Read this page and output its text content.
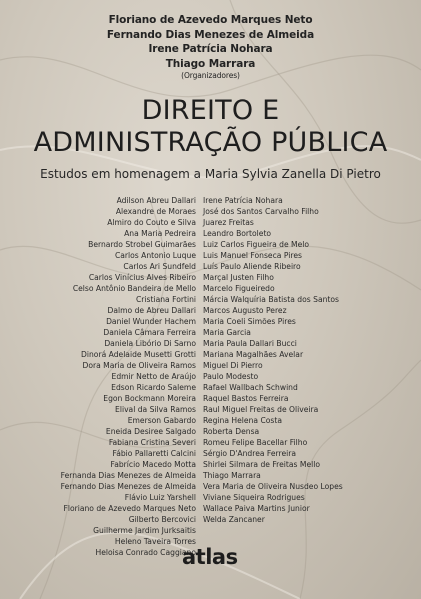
Floriano de Azevedo Marques Neto
Fernando Dias Menezes de Almeida
Irene Patrícia Nohara
Thiago Marrara
(Organizadores)
DIREITO E
ADMINISTRAÇÃO PÚBLICA
Estudos em homenagem a Maria Sylvia Zanella Di Pietro
Adilson Abreu Dallari
Alexandre de Moraes
Almiro do Couto e Silva
Ana Maria Pedreira
Bernardo Strobel Guimarães
Carlos Antonio Luque
Carlos Ari Sundfeld
Carlos Vinícius Alves Ribeiro
Celso Antônio Bandeira de Mello
Cristiana Fortini
Dalmo de Abreu Dallari
Daniel Wunder Hachem
Daniela Câmara Ferreira
Daniela Libório Di Sarno
Dinorá Adelaide Musetti Grotti
Dora Maria de Oliveira Ramos
Edmir Netto de Araújo
Edson Ricardo Saleme
Egon Bockmann Moreira
Elival da Silva Ramos
Emerson Gabardo
Eneida Desiree Salgado
Fabiana Cristina Severi
Fábio Pallaretti Calcini
Fabrício Macedo Motta
Fernanda Dias Menezes de Almeida
Fernando Dias Menezes de Almeida
Flávio Luiz Yarshell
Floriano de Azevedo Marques Neto
Gilberto Bercovici
Guilherme Jardim Jurksaitis
Heleno Taveira Torres
Heloisa Conrado Caggiano
Irene Patrícia Nohara
José dos Santos Carvalho Filho
Juarez Freitas
Leandro Bortoleto
Luiz Carlos Figueira de Melo
Luis Manuel Fonseca Pires
Luís Paulo Aliende Ribeiro
Marçal Justen Filho
Marcelo Figueiredo
Márcia Walquíria Batista dos Santos
Marcos Augusto Perez
Maria Coeli Simões Pires
Maria Garcia
Maria Paula Dallari Bucci
Mariana Magalhães Avelar
Miguel Di Pierro
Paulo Modesto
Rafael Wallbach Schwind
Raquel Bastos Ferreira
Raul Miguel Freitas de Oliveira
Regina Helena Costa
Roberta Densa
Romeu Felipe Bacellar Filho
Sérgio D'Andrea Ferreira
Shirlei Silmara de Freitas Mello
Thiago Marrara
Vera Maria de Oliveira Nusdeo Lopes
Viviane Siqueira Rodrigues
Wallace Paiva Martins Junior
Welda Zancaner
atlas
